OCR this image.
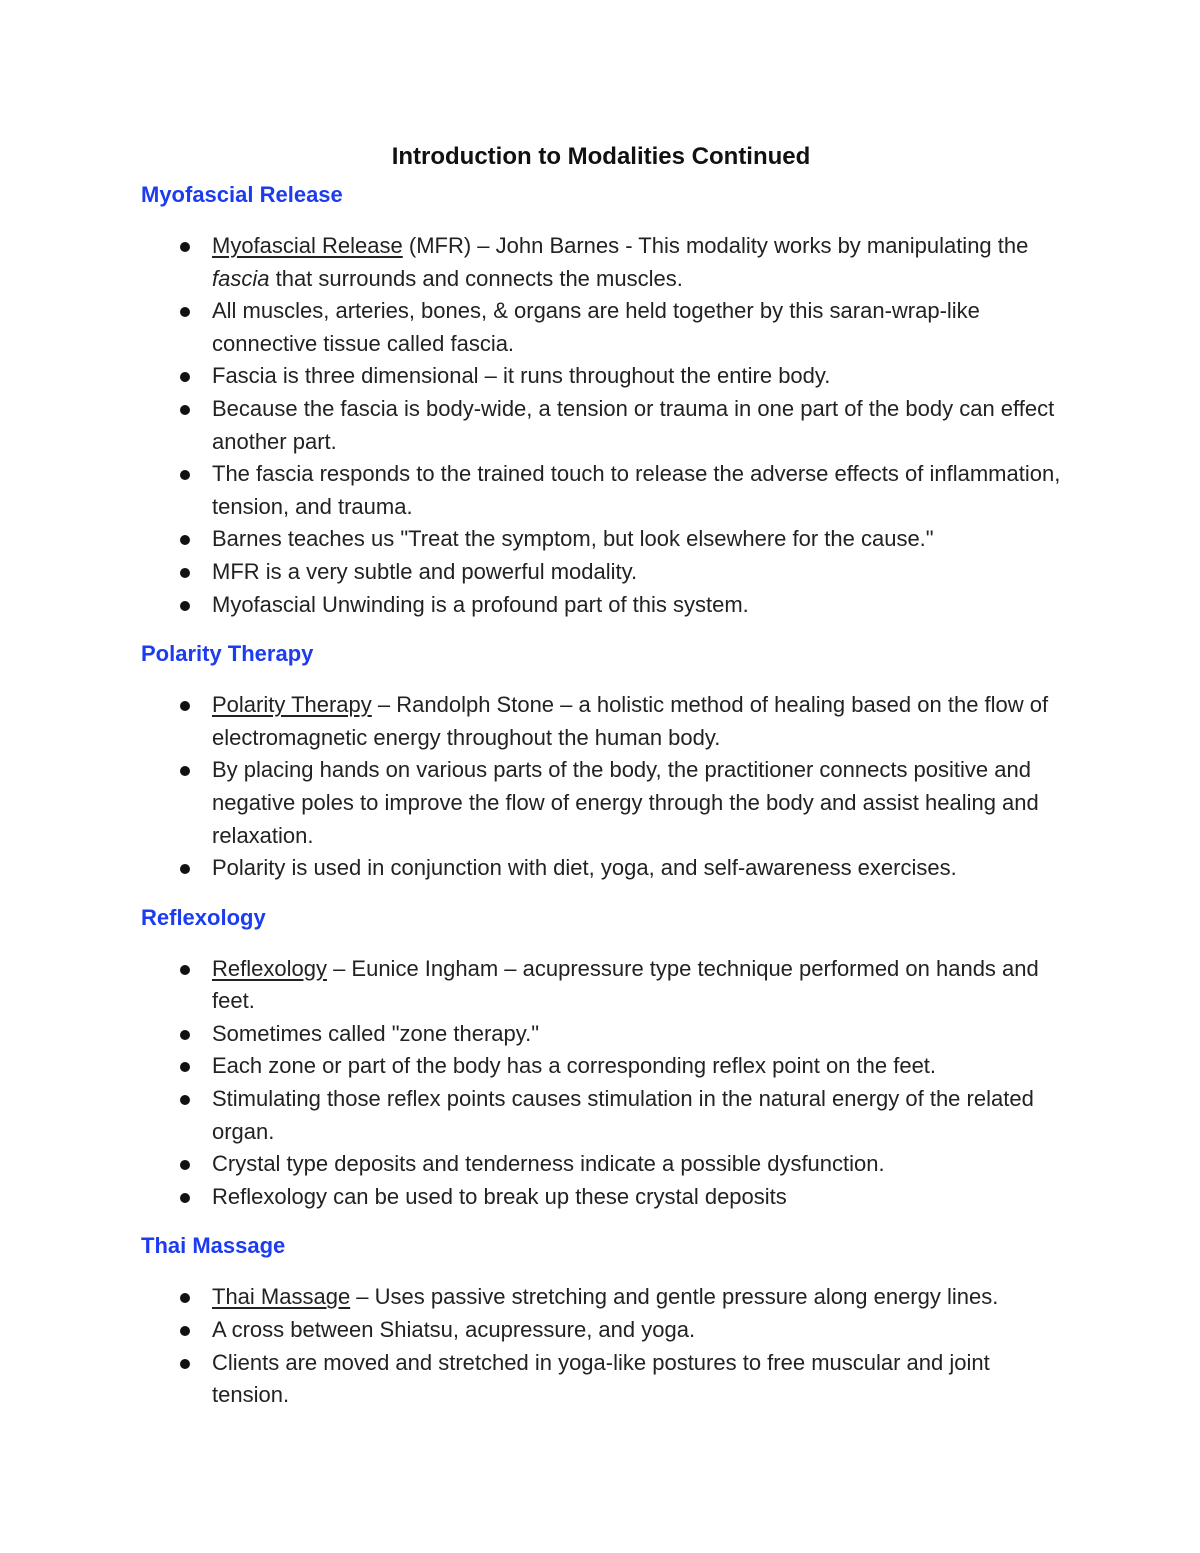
Introduction to Modalities Continued
Myofascial Release
Myofascial Release (MFR) – John Barnes - This modality works by manipulating the fascia that surrounds and connects the muscles.
All muscles, arteries, bones, & organs are held together by this saran-wrap-like connective tissue called fascia.
Fascia is three dimensional – it runs throughout the entire body.
Because the fascia is body-wide, a tension or trauma in one part of the body can effect another part.
The fascia responds to the trained touch to release the adverse effects of inflammation, tension, and trauma.
Barnes teaches us "Treat the symptom, but look elsewhere for the cause."
MFR is a very subtle and powerful modality.
Myofascial Unwinding is a profound part of this system.
Polarity Therapy
Polarity Therapy – Randolph Stone – a holistic method of healing based on the flow of electromagnetic energy throughout the human body.
By placing hands on various parts of the body, the practitioner connects positive and negative poles to improve the flow of energy through the body and assist healing and relaxation.
Polarity is used in conjunction with diet, yoga, and self-awareness exercises.
Reflexology
Reflexology – Eunice Ingham – acupressure type technique performed on hands and feet.
Sometimes called "zone therapy."
Each zone or part of the body has a corresponding reflex point on the feet.
Stimulating those reflex points causes stimulation in the natural energy of the related organ.
Crystal type deposits and tenderness indicate a possible dysfunction.
Reflexology can be used to break up these crystal deposits
Thai Massage
Thai Massage – Uses passive stretching and gentle pressure along energy lines.
A cross between Shiatsu, acupressure, and yoga.
Clients are moved and stretched in yoga-like postures to free muscular and joint tension.
